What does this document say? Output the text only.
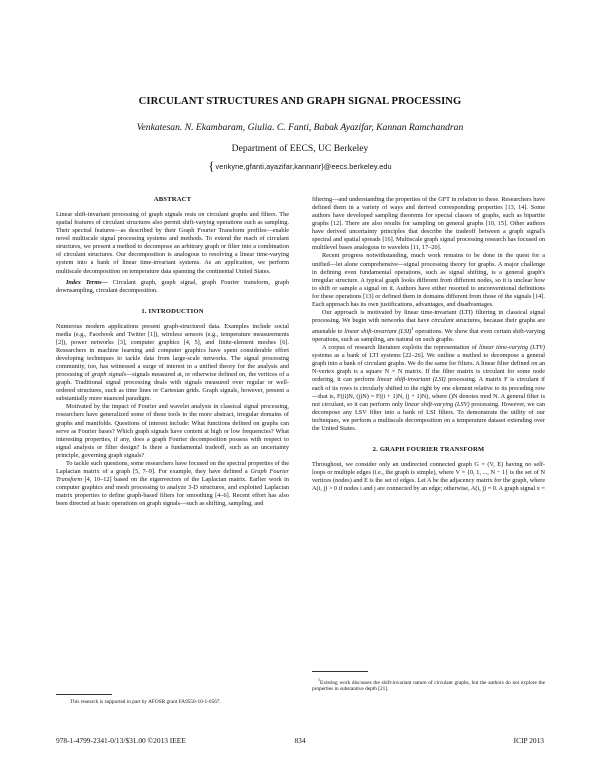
CIRCULANT STRUCTURES AND GRAPH SIGNAL PROCESSING
Venkatesan. N. Ekambaram, Giulia. C. Fanti, Babak Ayazifar, Kannan Ramchandran
Department of EECS, UC Berkeley
{venkyne,gfanti,ayazifar,kannanr}@eecs.berkeley.edu
ABSTRACT

Linear shift-invariant processing of graph signals rests on circulant graphs and filters. The spatial features of circulant structures also permit shift-varying operations such as sampling. Their spectral features—as described by their Graph Fourier Transform profiles—enable novel multiscale signal processing systems and methods. To extend the reach of circulant structures, we present a method to decompose an arbitrary graph or filter into a combination of circulant structures. Our decomposition is analogous to resolving a linear time-varying system into a bank of linear time-invariant systems. As an application, we perform multiscale decomposition on temperature data spanning the continental United States.

Index Terms— Circulant graph, graph signal, graph Fourier transform, graph downsampling, circulant decomposition.

1. INTRODUCTION

Numerous modern applications present graph-structured data. Examples include social media (e.g., Facebook and Twitter [1]), wireless sensors (e.g., temperature measurements [2]), power networks [3], computer graphics [4, 5], and finite-element meshes [6]. Researchers in machine learning and computer graphics have spent considerable effort developing techniques to tackle data from large-scale networks. The signal processing community, too, has witnessed a surge of interest in a unified theory for the analysis and processing of graph signals—signals measured at, or otherwise defined on, the vertices of a graph. Traditional signal processing deals with signals measured over regular or well-ordered structures, such as time lines or Cartesian grids. Graph signals, however, present a substantially more nuanced paradigm.

Motivated by the impact of Fourier and wavelet analysis in classical signal processing, researchers have generalized some of these tools to the more abstract, irregular domains of graphs and manifolds. Questions of interest include: What functions defined on graphs can serve as Fourier bases? Which graph signals have content at high or low frequencies? What interesting properties, if any, does a graph Fourier decomposition possess with respect to signal analysis or filter design? Is there a fundamental tradeoff, such as an uncertainty principle, governing graph signals?

To tackle such questions, some researchers have focused on the spectral properties of the Laplacian matrix of a graph [5, 7–9]. For example, they have defined a Graph Fourier Transform [4, 10–12] based on the eigenvectors of the Laplacian matrix. Earlier work in computer graphics and mesh processing to analyze 3-D structures, and exploited Laplacian matrix properties to define graph-based filters for smoothing [4–6]. Recent effort has also been directed at basic operations on graph signals—such as shifting, sampling, and

This research is supported in part by AFOSR grant FA9550-10-1-0567.

filtering—and understanding the properties of the GFT in relation to these. Researchers have defined them in a variety of ways and derived corresponding properties [13, 14]. Some authors have developed sampling theorems for special classes of graphs, such as bipartite graphs [12]. There are also results for sampling on general graphs [10, 15]. Other authors have derived uncertainty principles that describe the tradeoff between a graph signal's spectral and spatial spreads [16]. Multiscale graph signal processing research has focused on multilevel bases analogous to wavelets [11, 17–20].

Recent progress notwithstanding, much work remains to be done in the quest for a unified—let alone comprehensive—signal processing theory for graphs. A major challenge in defining even fundamental operations, such as signal shifting, is a general graph's irregular structure. A typical graph looks different from different nodes, so it is unclear how to shift or sample a signal on it. Authors have either resorted to unconventional definitions for these operations [13] or defined them in domains different from those of the signals [14]. Each approach has its own justifications, advantages, and disadvantages.

Our approach is motivated by linear time-invariant (LTI) filtering in classical signal processing. We begin with networks that have circulant structures, because their graphs are amenable to linear shift-invariant (LSI)$^1$ operations. We show that even certain shift-varying operations, such as sampling, are natural on such graphs.

A corpus of research literature exploits the representation of linear time-varying (LTV) systems as a bank of LTI systems [22–26]. We outline a method to decompose a general graph into a bank of circulant graphs. We do the same for filters. A linear filter defined on an N-vertex graph is a square N × N matrix. If the filter matrix is circulant for some node ordering, it can perform linear shift-invariant (LSI) processing. A matrix F is circulant if each of its rows is circularly shifted to the right by one element relative to its preceding row—that is, F((i)N, (j)N) = F((i + 1)N, (j + 1)N), where ()N denotes mod N. A general filter is not circulant, so it can perform only linear shift-varying (LSV) processing. However, we can decompose any LSV filter into a bank of LSI filters. To demonstrate the utility of our techniques, we perform a multiscale decomposition on a temperature dataset extending over the United States.

2. GRAPH FOURIER TRANSFORM

Throughout, we consider only an undirected connected graph G = (V, E) having no self-loops or multiple edges (i.e., the graph is simple), where V = {0, 1, ..., N − 1} is the set of N vertices (nodes) and E is the set of edges. Let A be the adjacency matrix for the graph, where A(i, j) > 0 if nodes i and j are connected by an edge; otherwise, A(i, j) = 0. A graph signal x =

$^1$Existing work discusses the shift-invariant nature of circulant graphs, but the authors do not explore the properties in substantive depth [21].
978-1-4799-2341-0/13/$31.00 ©2013 IEEE	834	ICIP 2013
